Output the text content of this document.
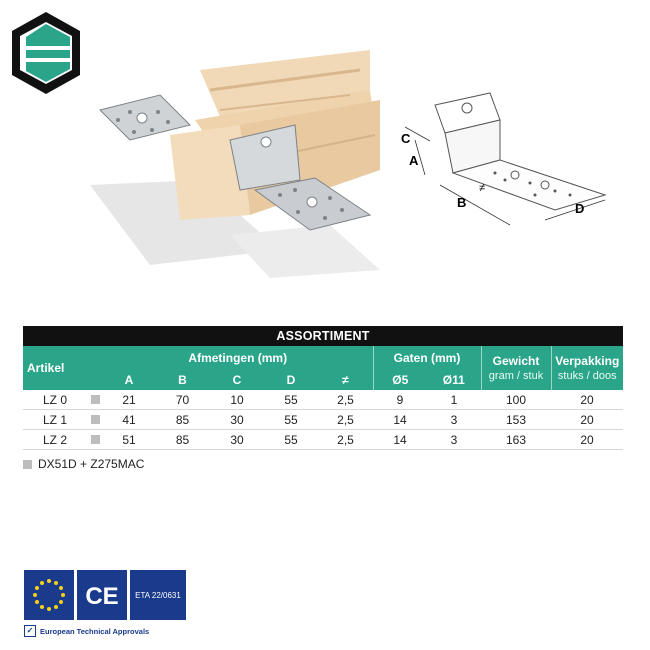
C
A
B	D
≠
ASSORTIMENT										
Artikel		Afmetingen (mm)					Gaten (mm)		Gewicht
gram / stuk	Verpakking
stuks / doos

		A	B	C	D	≠	Ø5	Ø11		
LZ 0		21	70	10	55	2,5	9	1	100	20
LZ 1		41	85	30	55	2,5	14	3	153	20
LZ 2		51	85	30	55	2,5	14	3	163	20
DX51D + Z275MAC
CE ETA 22/0631
✓ European Technical Approvals
